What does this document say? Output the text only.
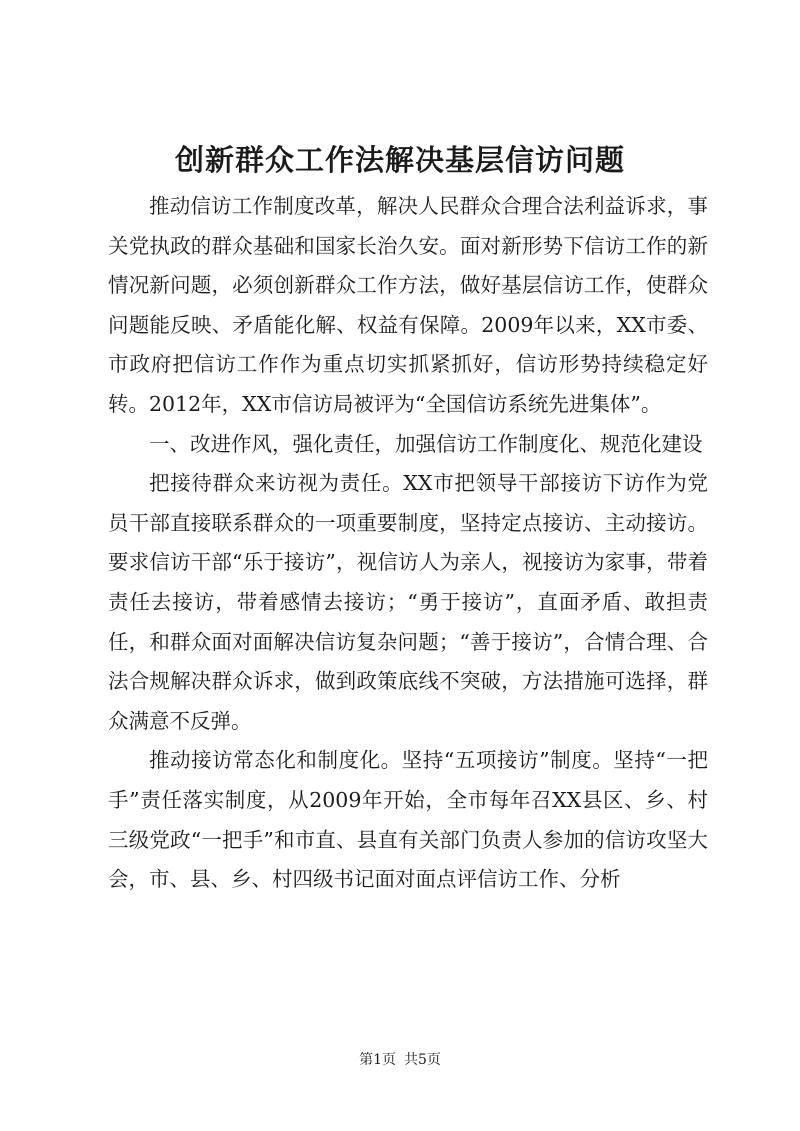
创新群众工作法解决基层信访问题

推动信访工作制度改革，解决人民群众合理合法利益诉求，事关党执政的群众基础和国家长治久安。面对新形势下信访工作的新情况新问题，必须创新群众工作方法，做好基层信访工作，使群众问题能反映、矛盾能化解、权益有保障。2009年以来，XX市委、市政府把信访工作作为重点切实抓紧抓好，信访形势持续稳定好转。2012年，XX市信访局被评为“全国信访系统先进集体”。

一、改进作风，强化责任，加强信访工作制度化、规范化建设

把接待群众来访视为责任。XX市把领导干部接访下访作为党员干部直接联系群众的一项重要制度，坚持定点接访、主动接访。要求信访干部“乐于接访”，视信访人为亲人，视接访为家事，带着责任去接访，带着感情去接访；“勇于接访”，直面矛盾、敢担责任，和群众面对面解决信访复杂问题；“善于接访”，合情合理、合法合规解决群众诉求，做到政策底线不突破，方法措施可选择，群众满意不反弹。

推动接访常态化和制度化。坚持“五项接访”制度。坚持“一把手”责任落实制度，从2009年开始，全市每年召XX县区、乡、村三级党政“一把手”和市直、县直有关部门负责人参加的信访攻坚大会，市、县、乡、村四级书记面对面点评信访工作、分析

第1页 共5页
